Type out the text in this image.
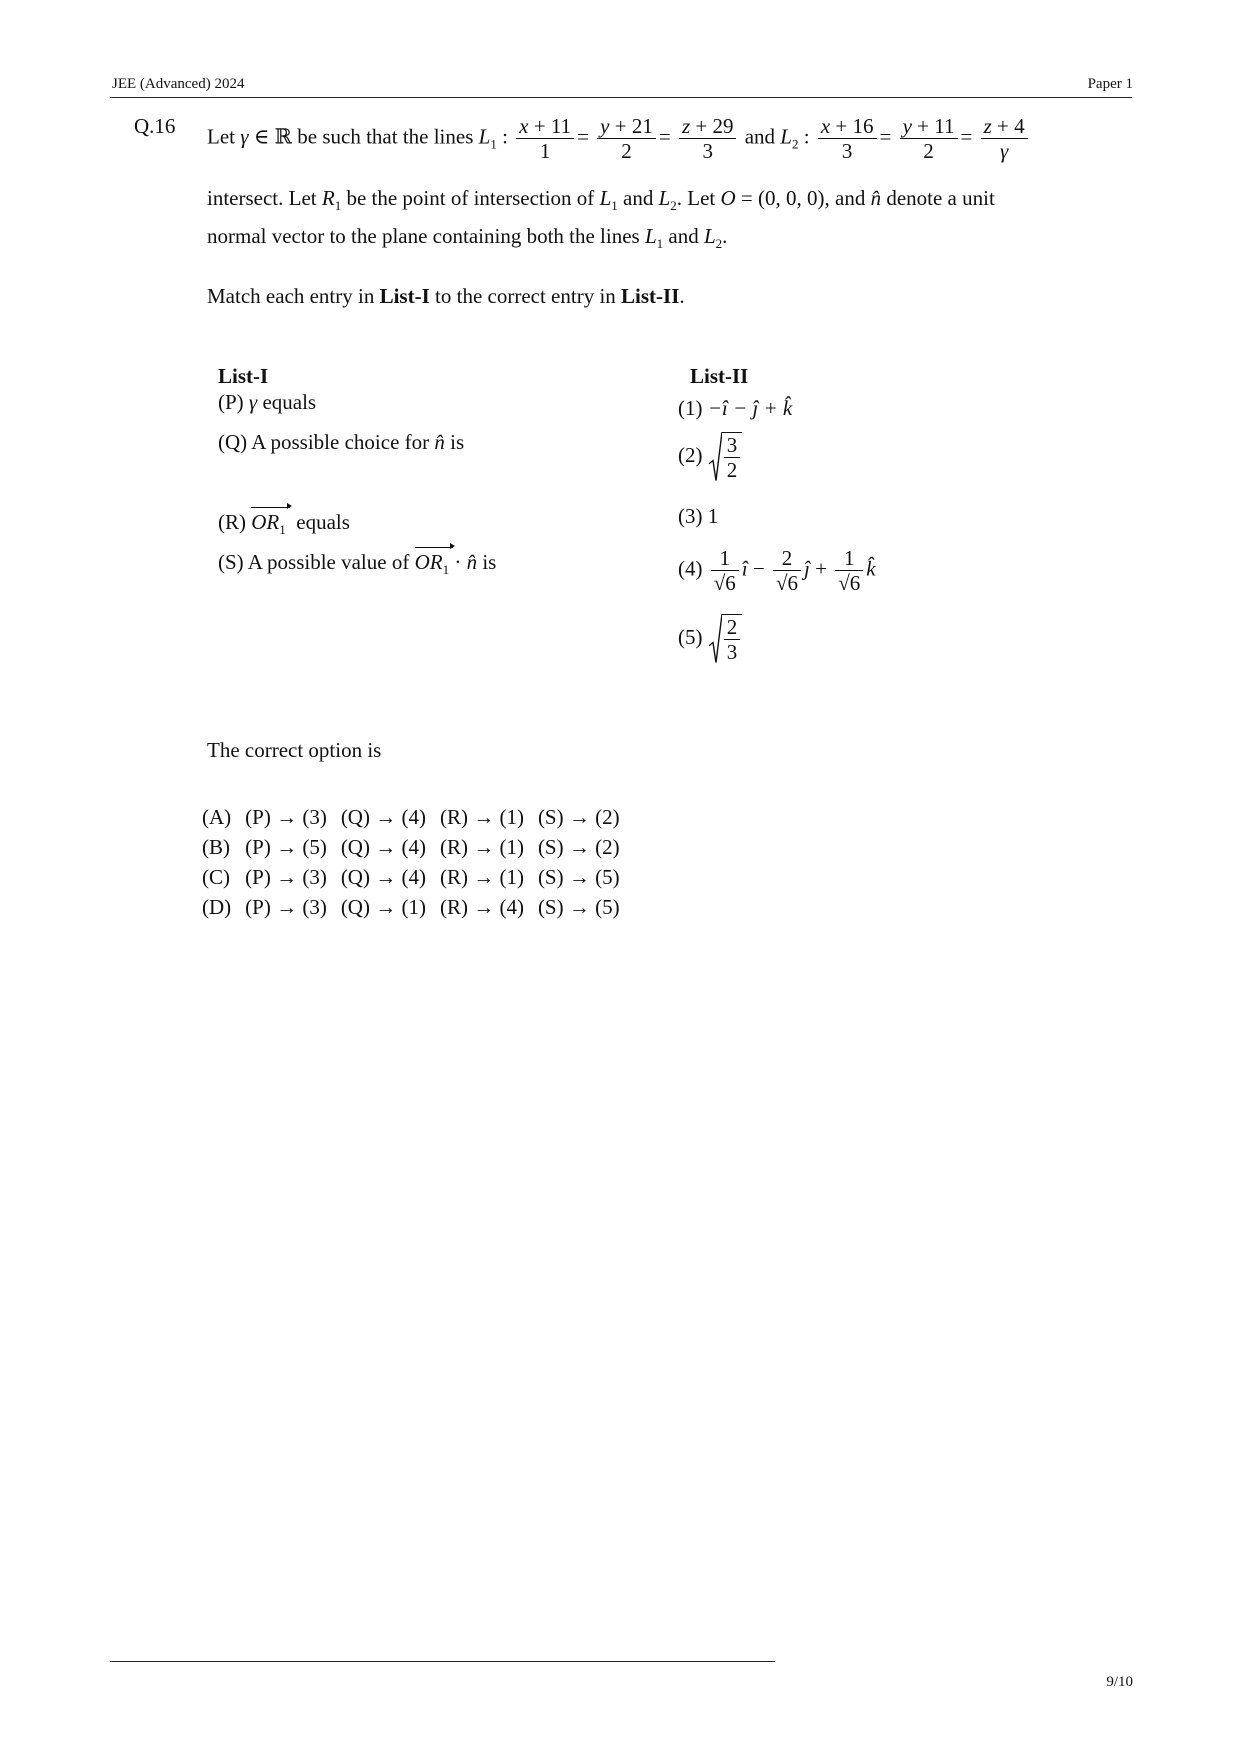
JEE (Advanced) 2024	Paper 1
Q.16 Let γ ∈ ℝ be such that the lines $L_1$ : $\frac{x + 11}{1} = \frac{y + 21}{2} = \frac{z + 29}{3}$ and $L_2$ : $\frac{x + 16}{3} = \frac{y + 11}{2} = \frac{z + 4}{\gamma}$
intersect. Let $R_1$ be the point of intersection of $L_1$ and $L_2$. Let O = (0, 0, 0), and n̂ denote a unit
normal vector to the plane containing both the lines $L_1$ and $L_2$.
Match each entry in List-I to the correct entry in List-II.
List-I
(P) γ equals
(Q) A possible choice for n̂ is
(R) $OR_1$ equals
(S) A possible value of $OR_1$ · n̂ is
List-II
(1) −î − ĵ + k̂
$(2) \frac{3}{2}$
(3) 1
$(4) \frac{1}{√6}$ î − $\frac{2}{√6}$ ĵ + $\frac{1}{√6}$ k̂
$(5) \frac{2}{3}$
The correct option is
(A)	(P) → (3)	(Q) → (4)	(R) → (1)	(S) → (2)
(B)	(P) → (5)	(Q) → (4)	(R) → (1)	(S) → (2)
(C)	(P) → (3)	(Q) → (4)	(R) → (1)	(S) → (5)
(D)	(P) → (3)	(Q) → (1)	(R) → (4)	(S) → (5)
9/10
